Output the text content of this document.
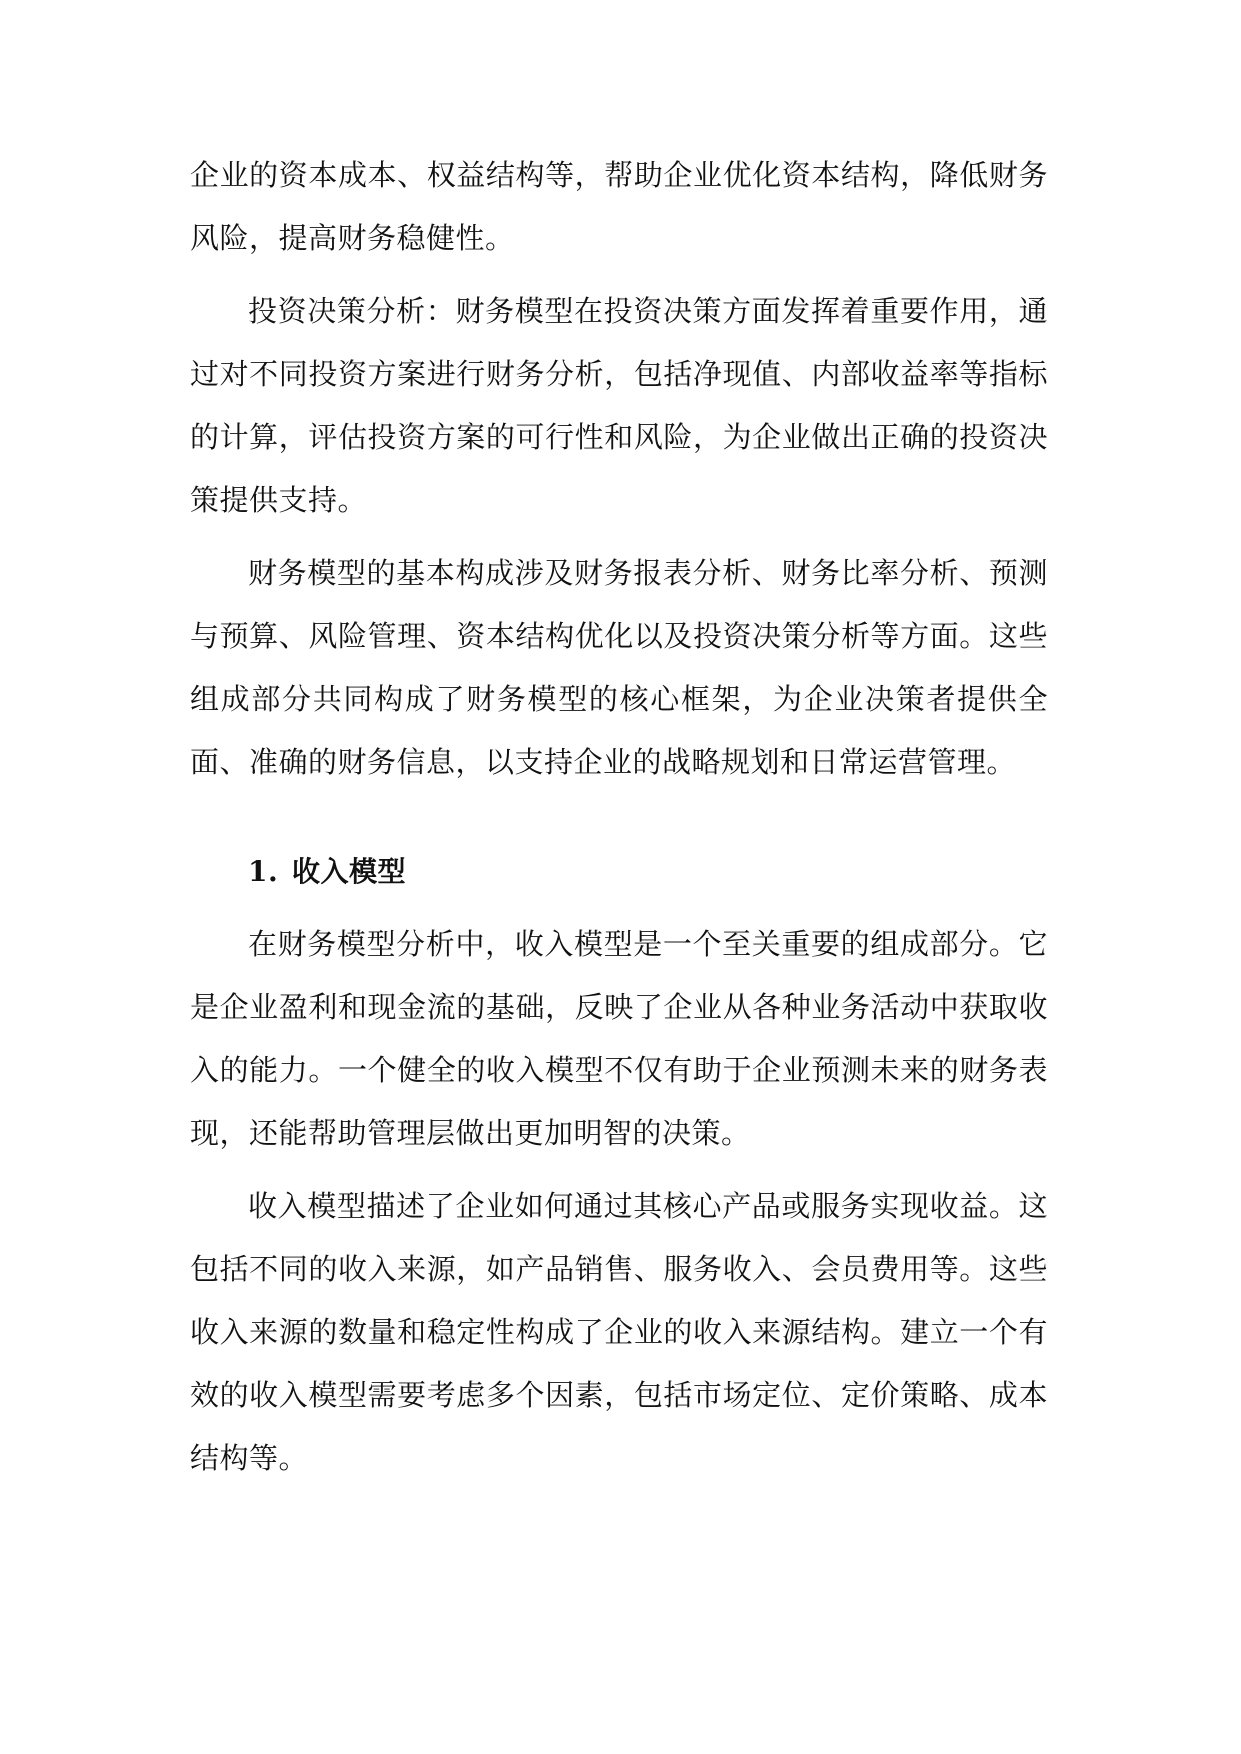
企业的资本成本、权益结构等，帮助企业优化资本结构，降低财务风险，提高财务稳健性。

投资决策分析：财务模型在投资决策方面发挥着重要作用，通过对不同投资方案进行财务分析，包括净现值、内部收益率等指标的计算，评估投资方案的可行性和风险，为企业做出正确的投资决策提供支持。

财务模型的基本构成涉及财务报表分析、财务比率分析、预测与预算、风险管理、资本结构优化以及投资决策分析等方面。这些组成部分共同构成了财务模型的核心框架，为企业决策者提供全面、准确的财务信息，以支持企业的战略规划和日常运营管理。

1. 收入模型

在财务模型分析中，收入模型是一个至关重要的组成部分。它是企业盈利和现金流的基础，反映了企业从各种业务活动中获取收入的能力。一个健全的收入模型不仅有助于企业预测未来的财务表现，还能帮助管理层做出更加明智的决策。

收入模型描述了企业如何通过其核心产品或服务实现收益。这包括不同的收入来源，如产品销售、服务收入、会员费用等。这些收入来源的数量和稳定性构成了企业的收入来源结构。建立一个有效的收入模型需要考虑多个因素，包括市场定位、定价策略、成本结构等。
